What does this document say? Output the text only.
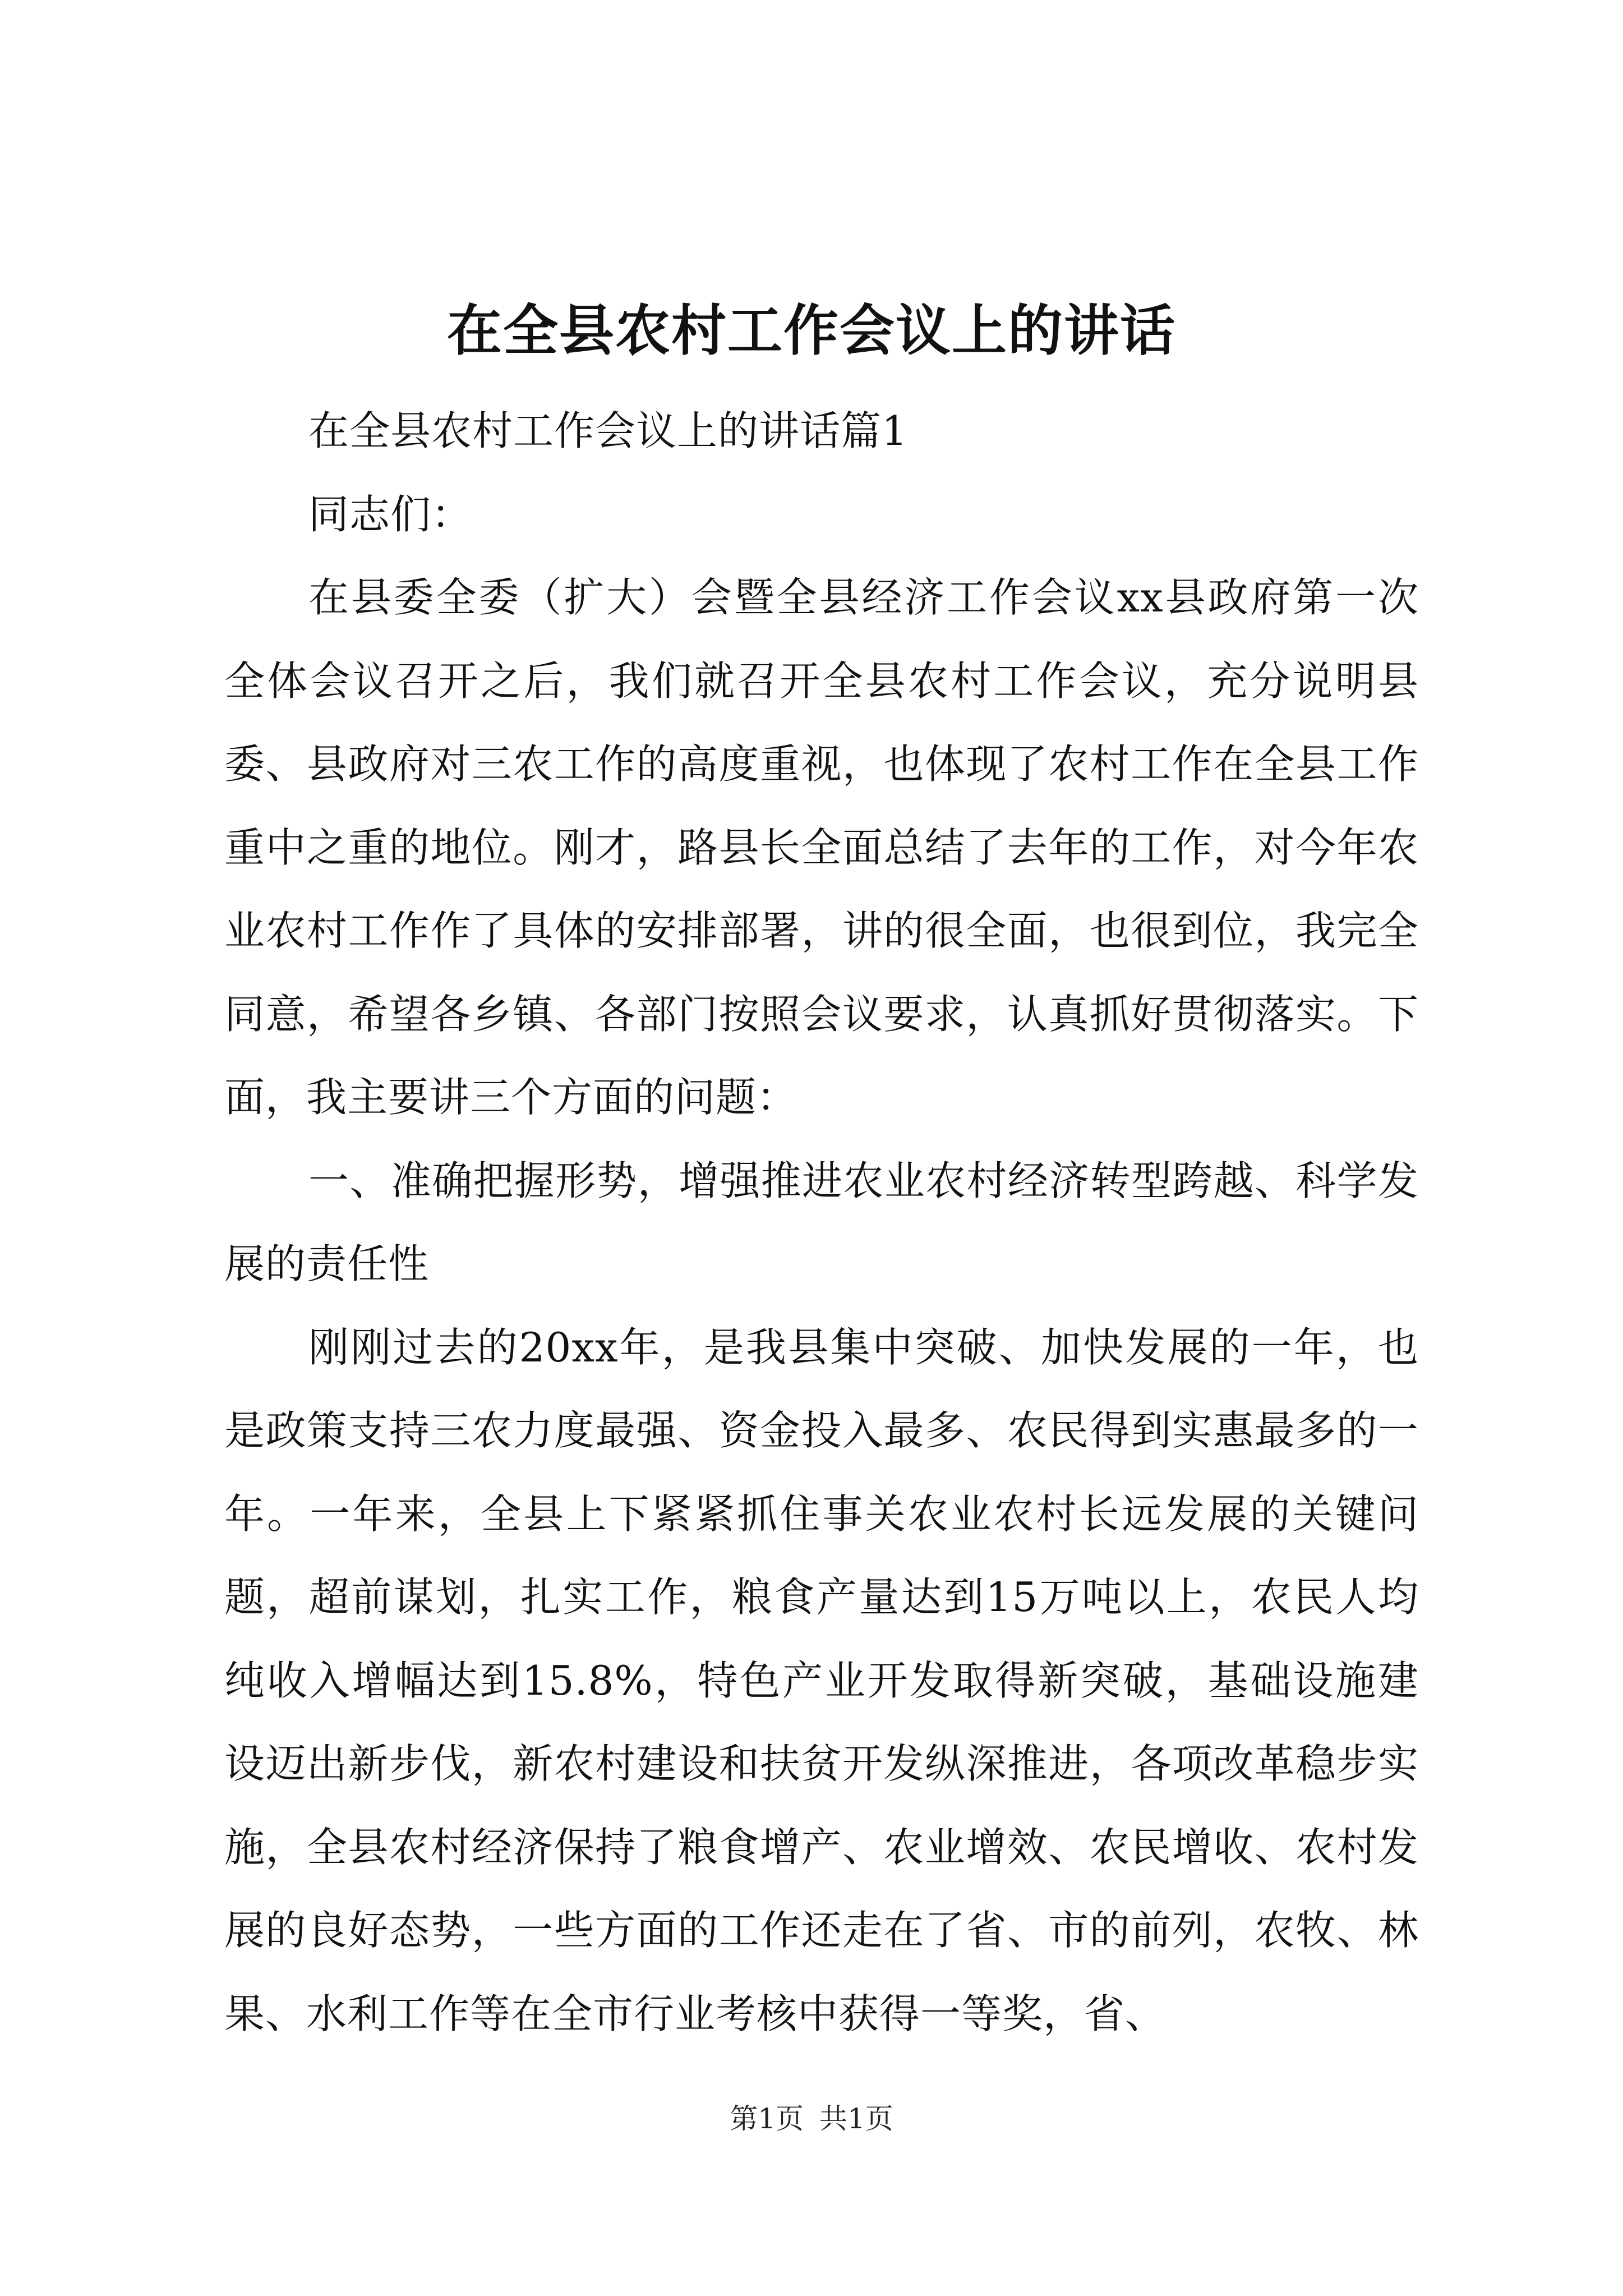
在全县农村工作会议上的讲话

在全县农村工作会议上的讲话篇1

同志们：

在县委全委（扩大）会暨全县经济工作会议xx县政府第一次全体会议召开之后，我们就召开全县农村工作会议，充分说明县委、县政府对三农工作的高度重视，也体现了农村工作在全县工作重中之重的地位。刚才，路县长全面总结了去年的工作，对今年农业农村工作作了具体的安排部署，讲的很全面，也很到位，我完全同意，希望各乡镇、各部门按照会议要求，认真抓好贯彻落实。下面，我主要讲三个方面的问题：

一、准确把握形势，增强推进农业农村经济转型跨越、科学发展的责任性

刚刚过去的20xx年，是我县集中突破、加快发展的一年，也是政策支持三农力度最强、资金投入最多、农民得到实惠最多的一年。一年来，全县上下紧紧抓住事关农业农村长远发展的关键问题，超前谋划，扎实工作，粮食产量达到15万吨以上，农民人均纯收入增幅达到15.8%，特色产业开发取得新突破，基础设施建设迈出新步伐，新农村建设和扶贫开发纵深推进，各项改革稳步实施，全县农村经济保持了粮食增产、农业增效、农民增收、农村发展的良好态势，一些方面的工作还走在了省、市的前列，农牧、林果、水利工作等在全市行业考核中获得一等奖，省、

第1页 共1页
